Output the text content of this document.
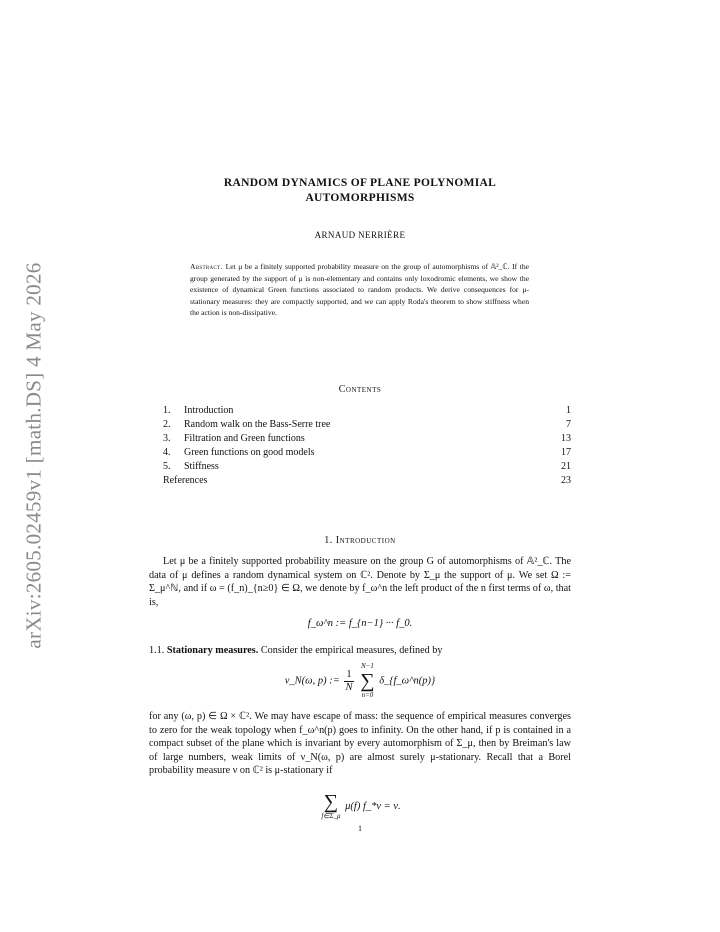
arXiv:2605.02459v1 [math.DS] 4 May 2026
RANDOM DYNAMICS OF PLANE POLYNOMIAL
AUTOMORPHISMS
ARNAUD NERRIÈRE

Abstract. Let μ be a finitely supported probability measure on the group of automorphisms of 𝔸²_ℂ. If the group generated by the support of μ is non-elementary and contains only loxodromic elements, we show the existence of dynamical Green functions associated to random products. We derive consequences for μ-stationary measures: they are compactly supported, and we can apply Roda's theorem to show stiffness when the action is non-dissipative.

Contents
1. Introduction	1
2. Random walk on the Bass-Serre tree	7
3. Filtration and Green functions	13
4. Green functions on good models	17
5. Stiffness	21
References	23
1. Introduction

Let μ be a finitely supported probability measure on the group G of automorphisms of 𝔸²_ℂ. The data of μ defines a random dynamical system on ℂ². Denote by Σ_μ the support of μ. We set Ω := Σ_μ^ℕ, and if ω = (f_n)_{n≥0} ∈ Ω, we denote by f_ω^n the left product of the n first terms of ω, that is,

f_ω^n := f_{n−1} ··· f_0.

1.1. Stationary measures. Consider the empirical measures, defined by

ν_N(ω, p) := $\frac{1}{N}$

N−1
∑
n=0
δ_{f_ω^n(p)}

for any (ω, p) ∈ Ω × ℂ². We may have escape of mass: the sequence of empirical measures converges to zero for the weak topology when f_ω^n(p) goes to infinity. On the other hand, if p is contained in a compact subset of the plane which is invariant by every automorphism of Σ_μ, then by Breiman's law of large numbers, weak limits of ν_N(ω, p) are almost surely μ-stationary. Recall that a Borel probability measure ν on ℂ² is μ-stationary if

∑
f∈Σ_μ
μ(f) f_*ν = ν.
1
